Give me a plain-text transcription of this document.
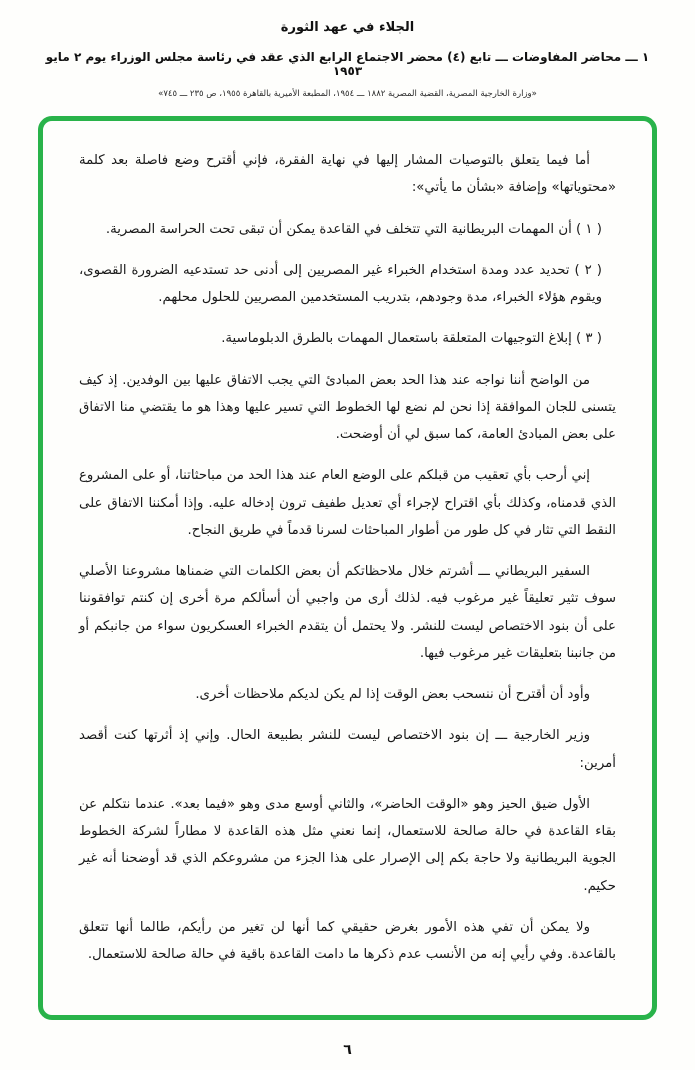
الجلاء في عهد الثورة
١ ـــ محاضر المفاوضات ـــ تابع (٤) محضر الاجتماع الرابع الذي عقد في رئاسة مجلس الوزراء يوم ٢ مايو ١٩٥٣
«وزارة الخارجية المصرية، القضية المصرية ١٨٨٢ ـــ ١٩٥٤، المطبعة الأميرية بالقاهرة ١٩٥٥، ص ٢٣٥ ـــ ٧٤٥»

أما فيما يتعلق بالتوصيات المشار إليها في نهاية الفقرة، فإني أقترح وضع فاصلة بعد كلمة «محتوياتها» وإضافة «بشأن ما يأتي»:

( ١ ) أن المهمات البريطانية التي تتخلف في القاعدة يمكن أن تبقى تحت الحراسة المصرية.

( ٢ ) تحديد عدد ومدة استخدام الخبراء غير المصريين إلى أدنى حد تستدعيه الضرورة القصوى، ويقوم هؤلاء الخبراء، مدة وجودهم، بتدريب المستخدمين المصريين للحلول محلهم.

( ٣ ) إبلاغ التوجيهات المتعلقة باستعمال المهمات بالطرق الدبلوماسية.

من الواضح أننا نواجه عند هذا الحد بعض المبادئ التي يجب الاتفاق عليها بين الوفدين. إذ كيف يتسنى للجان الموافقة إذا نحن لم نضع لها الخطوط التي تسير عليها وهذا هو ما يقتضي منا الاتفاق على بعض المبادئ العامة، كما سبق لي أن أوضحت.

إني أرحب بأي تعقيب من قبلكم على الوضع العام عند هذا الحد من مباحثاتنا، أو على المشروع الذي قدمناه، وكذلك بأي اقتراح لإجراء أي تعديل طفيف ترون إدخاله عليه. وإذا أمكننا الاتفاق على النقط التي تثار في كل طور من أطوار المباحثات لسرنا قدماً في طريق النجاح.

السفير البريطاني ـــ أشرتم خلال ملاحظاتكم أن بعض الكلمات التي ضمناها مشروعنا الأصلي سوف تثير تعليقاً غير مرغوب فيه. لذلك أرى من واجبي أن أسألكم مرة أخرى إن كنتم توافقوننا على أن بنود الاختصاص ليست للنشر. ولا يحتمل أن يتقدم الخبراء العسكريون سواء من جانبكم أو من جانبنا بتعليقات غير مرغوب فيها.

وأود أن أقترح أن ننسحب بعض الوقت إذا لم يكن لديكم ملاحظات أخرى.

وزير الخارجية ـــ إن بنود الاختصاص ليست للنشر بطبيعة الحال. وإني إذ أثرتها كنت أقصد أمرين:

الأول ضيق الحيز وهو «الوقت الحاضر»، والثاني أوسع مدى وهو «فيما بعد». عندما نتكلم عن بقاء القاعدة في حالة صالحة للاستعمال، إنما نعني مثل هذه القاعدة لا مطاراً لشركة الخطوط الجوية البريطانية ولا حاجة بكم إلى الإصرار على هذا الجزء من مشروعكم الذي قد أوضحنا أنه غير حكيم.

ولا يمكن أن تفي هذه الأمور بغرض حقيقي كما أنها لن تغير من رأيكم، طالما أنها تتعلق بالقاعدة. وفي رأيي إنه من الأنسب عدم ذكرها ما دامت القاعدة باقية في حالة صالحة للاستعمال.

٦
